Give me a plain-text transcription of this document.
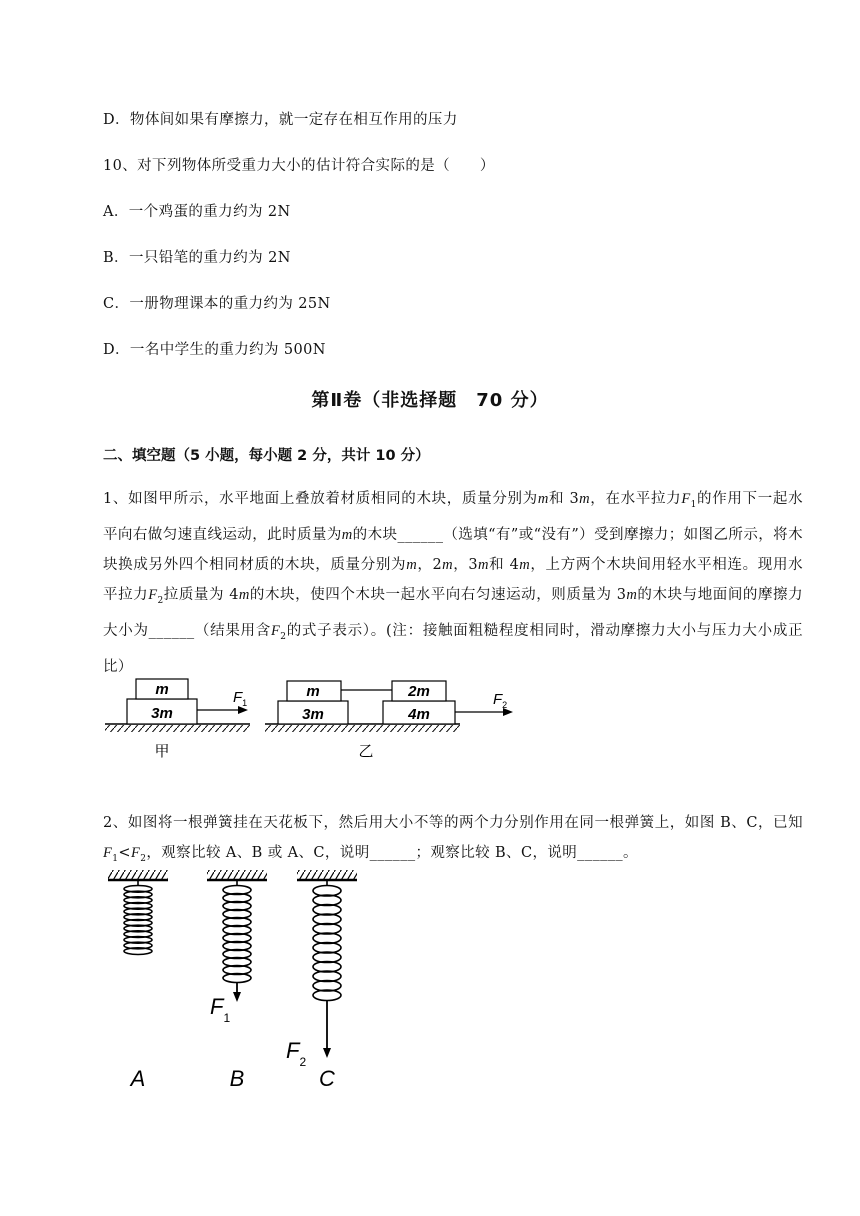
D．物体间如果有摩擦力，就一定存在相互作用的压力
10、对下列物体所受重力大小的估计符合实际的是（　　）
A．一个鸡蛋的重力约为 2N
B．一只铅笔的重力约为 2N
C．一册物理课本的重力约为 25N
D．一名中学生的重力约为 500N
第Ⅱ卷（非选择题　70 分）
二、填空题（5 小题，每小题 2 分，共计 10 分）
1、如图甲所示，水平地面上叠放着材质相同的木块，质量分别为m和 3m，在水平拉力$F_1$的作用下一起水平向右做匀速直线运动，此时质量为m的木块______（选填“有”或“没有”）受到摩擦力；如图乙所示，将木块换成另外四个相同材质的木块，质量分别为m，2m，3m和 4m，上方两个木块间用轻水平相连。现用水平拉力$F_2$拉质量为 4m的木块，使四个木块一起水平向右匀速运动，则质量为 3m的木块与地面间的摩擦力大小为______（结果用含$F_2$的式子表示）。(注：接触面粗糙程度相同时，滑动摩擦力大小与压力大小成正比）
m
3m
$F_1$
甲
m
3m
2m
4m
$F_2$
乙
2、如图将一根弹簧挂在天花板下，然后用大小不等的两个力分别作用在同一根弹簧上，如图 B、C，已知$F_1<F_2$，观察比较 A、B 或 A、C，说明______；观察比较 B、C，说明______。
A	B	C
$F_1$
$F_2$
